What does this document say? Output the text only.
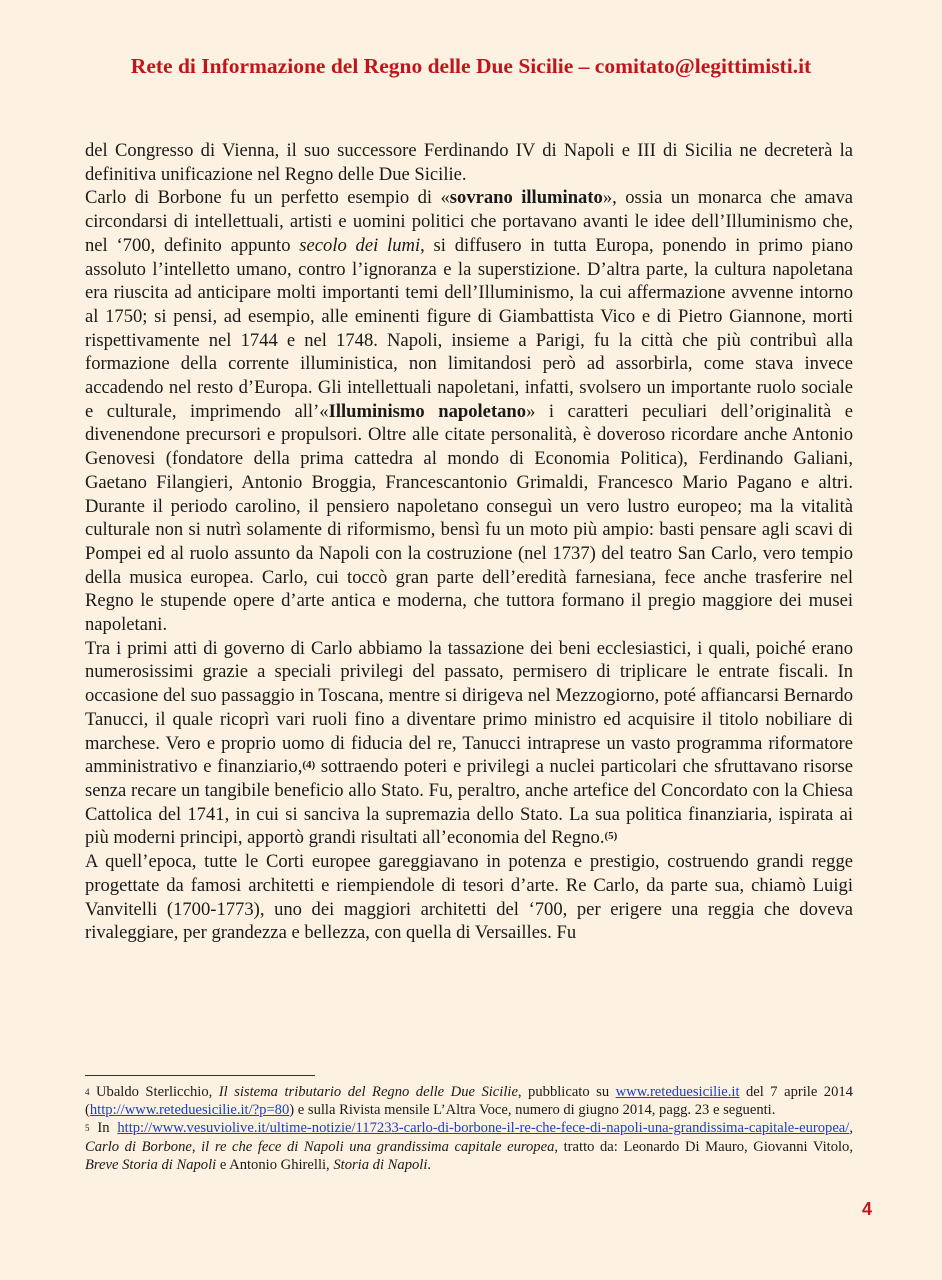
Rete di Informazione del Regno delle Due Sicilie – comitato@legittimisti.it

del Congresso di Vienna, il suo successore Ferdinando IV di Napoli e III di Sicilia ne decreterà la definitiva unificazione nel Regno delle Due Sicilie.

Carlo di Borbone fu un perfetto esempio di «sovrano illuminato», ossia un monarca che amava circondarsi di intellettuali, artisti e uomini politici che portavano avanti le idee dell’Illuminismo che, nel ‘700, definito appunto secolo dei lumi, si diffusero in tutta Europa, ponendo in primo piano assoluto l’intelletto umano, contro l’ignoranza e la superstizione. D’altra parte, la cultura napoletana era riuscita ad anticipare molti importanti temi dell’Illuminismo, la cui affermazione avvenne intorno al 1750; si pensi, ad esempio, alle eminenti figure di Giambattista Vico e di Pietro Giannone, morti rispettivamente nel 1744 e nel 1748. Napoli, insieme a Parigi, fu la città che più contribuì alla formazione della corrente illuministica, non limitandosi però ad assorbirla, come stava invece accadendo nel resto d’Europa. Gli intellettuali napoletani, infatti, svolsero un importante ruolo sociale e culturale, imprimendo all’«Illuminismo napoletano» i caratteri peculiari dell’originalità e divenendone precursori e propulsori. Oltre alle citate personalità, è doveroso ricordare anche Antonio Genovesi (fondatore della prima cattedra al mondo di Economia Politica), Ferdinando Galiani, Gaetano Filangieri, Antonio Broggia, Francescantonio Grimaldi, Francesco Mario Pagano e altri. Durante il periodo carolino, il pensiero napoletano conseguì un vero lustro europeo; ma la vitalità culturale non si nutrì solamente di riformismo, bensì fu un moto più ampio: basti pensare agli scavi di Pompei ed al ruolo assunto da Napoli con la costruzione (nel 1737) del teatro San Carlo, vero tempio della musica europea. Carlo, cui toccò gran parte dell’eredità farnesiana, fece anche trasferire nel Regno le stupende opere d’arte antica e moderna, che tuttora formano il pregio maggiore dei musei napoletani.

Tra i primi atti di governo di Carlo abbiamo la tassazione dei beni ecclesiastici, i quali, poiché erano numerosissimi grazie a speciali privilegi del passato, permisero di triplicare le entrate fiscali. In occasione del suo passaggio in Toscana, mentre si dirigeva nel Mezzogiorno, poté affiancarsi Bernardo Tanucci, il quale ricoprì vari ruoli fino a diventare primo ministro ed acquisire il titolo nobiliare di marchese. Vero e proprio uomo di fiducia del re, Tanucci intraprese un vasto programma riformatore amministrativo e finanziario,$^{(4)}$ sottraendo poteri e privilegi a nuclei particolari che sfruttavano risorse senza recare un tangibile beneficio allo Stato. Fu, peraltro, anche artefice del Concordato con la Chiesa Cattolica del 1741, in cui si sanciva la supremazia dello Stato. La sua politica finanziaria, ispirata ai più moderni principi, apportò grandi risultati all’economia del Regno.$^{(5)}$

A quell’epoca, tutte le Corti europee gareggiavano in potenza e prestigio, costruendo grandi regge progettate da famosi architetti e riempiendole di tesori d’arte. Re Carlo, da parte sua, chiamò Luigi Vanvitelli (1700-1773), uno dei maggiori architetti del ‘700, per erigere una reggia che doveva rivaleggiare, per grandezza e bellezza, con quella di Versailles. Fu

$^4$ Ubaldo Sterlicchio, Il sistema tributario del Regno delle Due Sicilie, pubblicato su www.reteduesicilie.it del 7 aprile 2014 (http://www.reteduesicilie.it/?p=80) e sulla Rivista mensile L’Altra Voce, numero di giugno 2014, pagg. 23 e seguenti.

$^5$ In http://www.vesuviolive.it/ultime-notizie/117233-carlo-di-borbone-il-re-che-fece-di-napoli-una-grandissima-capitale-europea/, Carlo di Borbone, il re che fece di Napoli una grandissima capitale europea, tratto da: Leonardo Di Mauro, Giovanni Vitolo, Breve Storia di Napoli e Antonio Ghirelli, Storia di Napoli.

4
